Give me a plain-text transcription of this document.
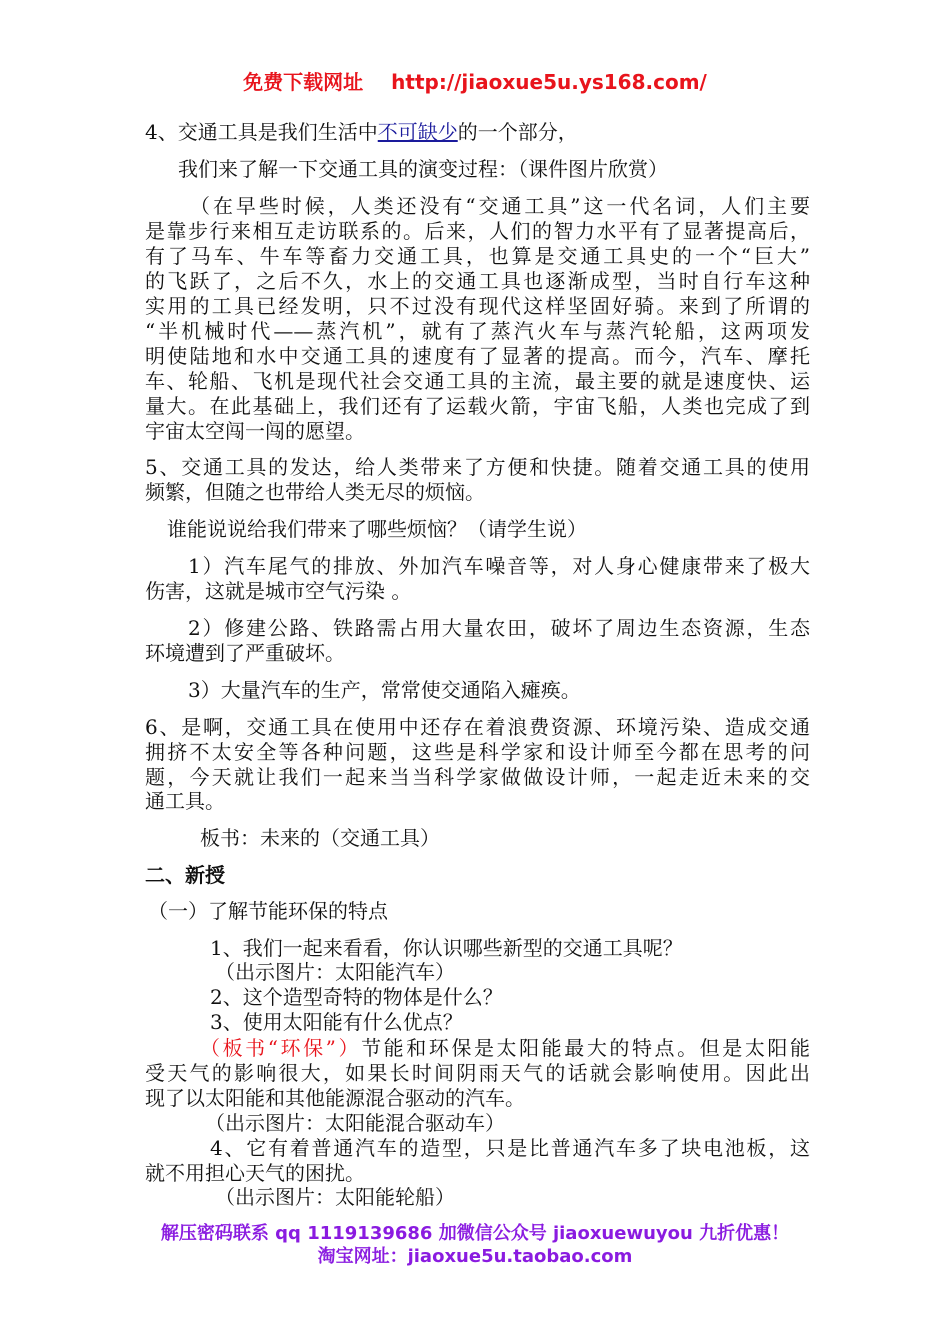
免费下载网址 http://jiaoxue5u.ys168.com/
4、交通工具是我们生活中不可缺少的一个部分，
我们来了解一下交通工具的演变过程：（课件图片欣赏）
（在早些时候，人类还没有“交通工具”这一代名词，人们主要
是靠步行来相互走访联系的。后来，人们的智力水平有了显著提高后，
有了马车、牛车等畜力交通工具，也算是交通工具史的一个“巨大”
的飞跃了，之后不久，水上的交通工具也逐渐成型，当时自行车这种
实用的工具已经发明，只不过没有现代这样坚固好骑。来到了所谓的
“半机械时代——蒸汽机”，就有了蒸汽火车与蒸汽轮船，这两项发
明使陆地和水中交通工具的速度有了显著的提高。而今，汽车、摩托
车、轮船、飞机是现代社会交通工具的主流，最主要的就是速度快、运
量大。在此基础上，我们还有了运载火箭，宇宙飞船，人类也完成了到
宇宙太空闯一闯的愿望。
5、交通工具的发达，给人类带来了方便和快捷。随着交通工具的使用
频繁，但随之也带给人类无尽的烦恼。
谁能说说给我们带来了哪些烦恼？（请学生说）
1）汽车尾气的排放、外加汽车噪音等，对人身心健康带来了极大
伤害，这就是城市空气污染 。
2）修建公路、铁路需占用大量农田，破坏了周边生态资源，生态
环境遭到了严重破坏。
3）大量汽车的生产，常常使交通陷入瘫痪。
6、是啊，交通工具在使用中还存在着浪费资源、环境污染、造成交通
拥挤不太安全等各种问题，这些是科学家和设计师至今都在思考的问
题，今天就让我们一起来当当科学家做做设计师，一起走近未来的交
通工具。
板书：未来的（交通工具）
二、新授
（一）了解节能环保的特点
1、我们一起来看看，你认识哪些新型的交通工具呢？
（出示图片：太阳能汽车）
2、这个造型奇特的物体是什么？
3、使用太阳能有什么优点？
（板书“环保”）节能和环保是太阳能最大的特点。但是太阳能
受天气的影响很大，如果长时间阴雨天气的话就会影响使用。因此出
现了以太阳能和其他能源混合驱动的汽车。
（出示图片：太阳能混合驱动车）
4、它有着普通汽车的造型，只是比普通汽车多了块电池板，这
就不用担心天气的困扰。
（出示图片：太阳能轮船）
解压密码联系 qq 1119139686 加微信公众号 jiaoxuewuyou 九折优惠！
淘宝网址：jiaoxue5u.taobao.com
